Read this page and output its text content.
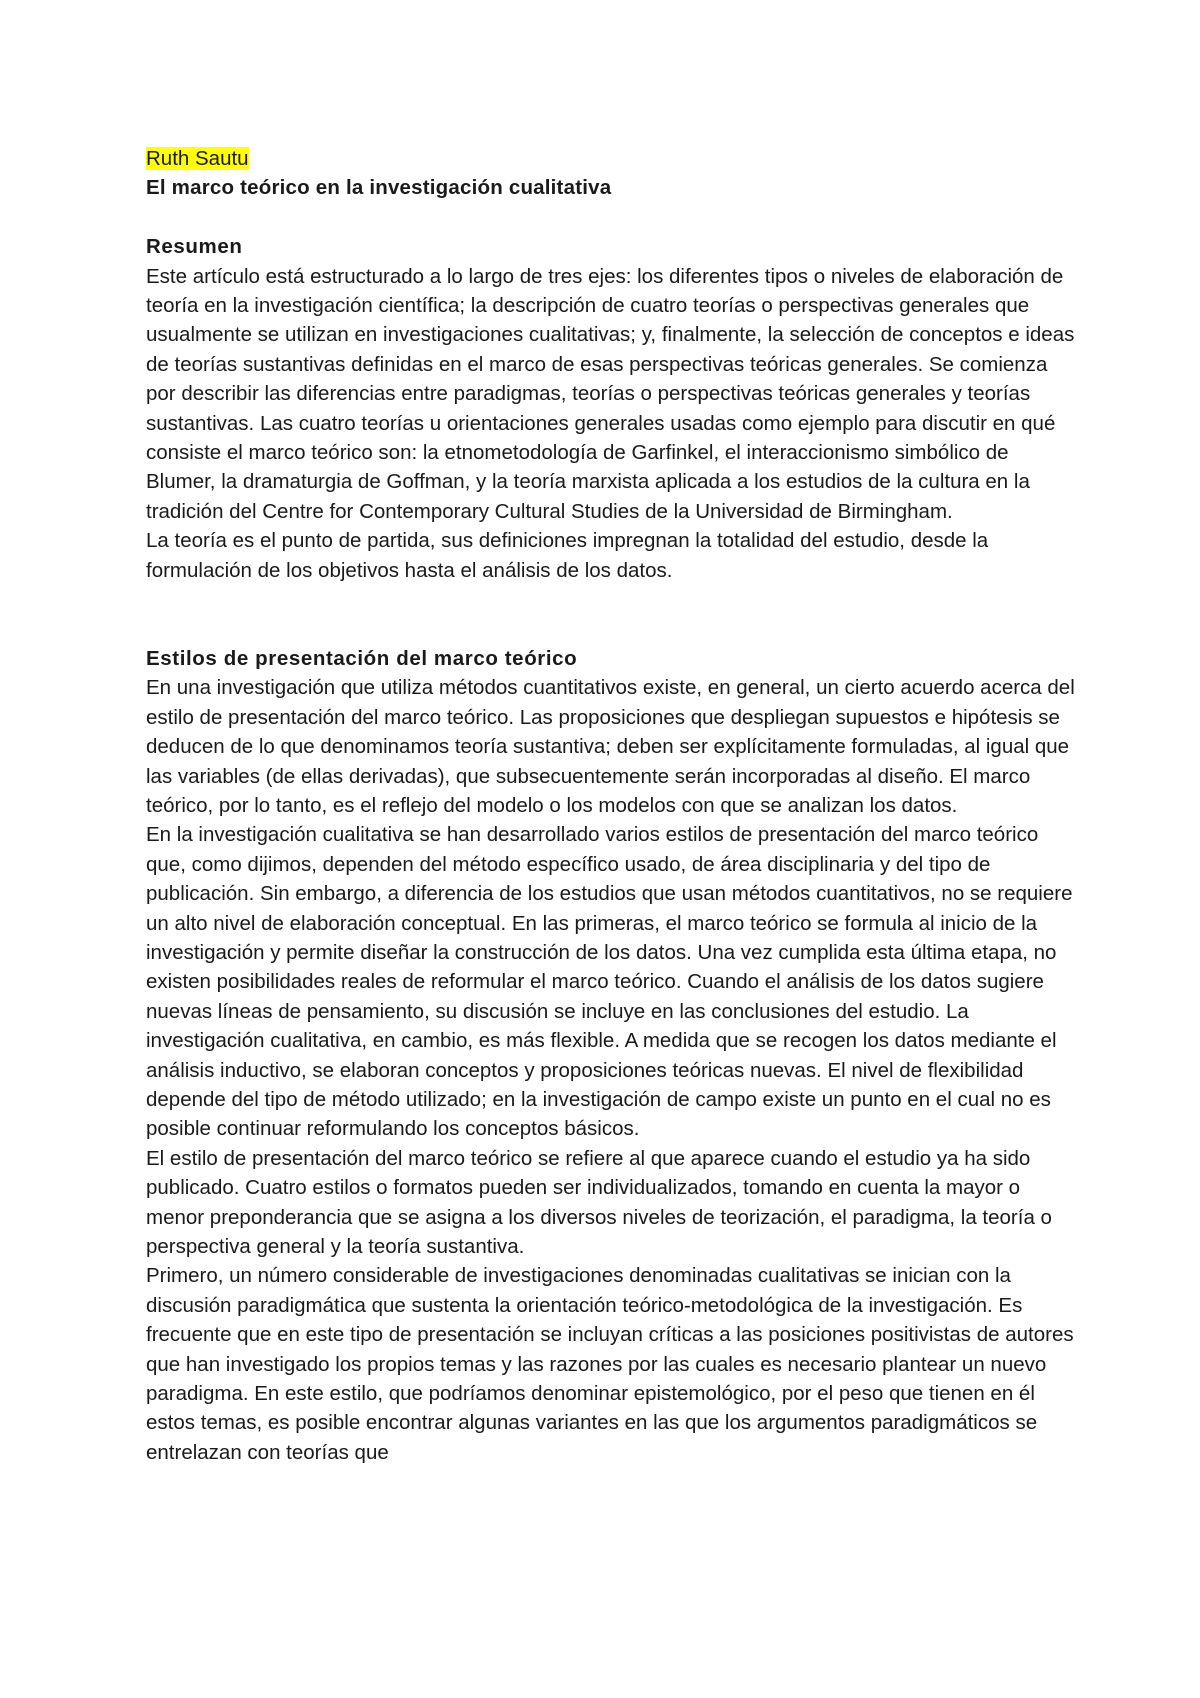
Ruth Sautu

El marco teórico en la investigación cualitativa

Resumen

Este artículo está estructurado a lo largo de tres ejes: los diferentes tipos o niveles de elaboración de teoría en la investigación científica; la descripción de cuatro teorías o perspectivas generales que usualmente se utilizan en investigaciones cualitativas; y, finalmente, la selección de conceptos e ideas de teorías sustantivas definidas en el marco de esas perspectivas teóricas generales. Se comienza por describir las diferencias entre paradigmas, teorías o perspectivas teóricas generales y teorías sustantivas. Las cuatro teorías u orientaciones generales usadas como ejemplo para discutir en qué consiste el marco teórico son: la etnometodología de Garfinkel, el interaccionismo simbólico de Blumer, la dramaturgia de Goffman, y la teoría marxista aplicada a los estudios de la cultura en la tradición del Centre for Contemporary Cultural Studies de la Universidad de Birmingham.

La teoría es el punto de partida, sus definiciones impregnan la totalidad del estudio, desde la formulación de los objetivos hasta el análisis de los datos.

Estilos de presentación del marco teórico

En una investigación que utiliza métodos cuantitativos existe, en general, un cierto acuerdo acerca del estilo de presentación del marco teórico. Las proposiciones que despliegan supuestos e hipótesis se deducen de lo que denominamos teoría sustantiva; deben ser explícitamente formuladas, al igual que las variables (de ellas derivadas), que subsecuentemente serán incorporadas al diseño. El marco teórico, por lo tanto, es el reflejo del modelo o los modelos con que se analizan los datos.

En la investigación cualitativa se han desarrollado varios estilos de presentación del marco teórico que, como dijimos, dependen del método específico usado, de área disciplinaria y del tipo de publicación. Sin embargo, a diferencia de los estudios que usan métodos cuantitativos, no se requiere un alto nivel de elaboración conceptual. En las primeras, el marco teórico se formula al inicio de la investigación y permite diseñar la construcción de los datos. Una vez cumplida esta última etapa, no existen posibilidades reales de reformular el marco teórico. Cuando el análisis de los datos sugiere nuevas líneas de pensamiento, su discusión se incluye en las conclusiones del estudio. La investigación cualitativa, en cambio, es más flexible. A medida que se recogen los datos mediante el análisis inductivo, se elaboran conceptos y proposiciones teóricas nuevas. El nivel de flexibilidad depende del tipo de método utilizado; en la investigación de campo existe un punto en el cual no es posible continuar reformulando los conceptos básicos.

El estilo de presentación del marco teórico se refiere al que aparece cuando el estudio ya ha sido publicado. Cuatro estilos o formatos pueden ser individualizados, tomando en cuenta la mayor o menor preponderancia que se asigna a los diversos niveles de teorización, el paradigma, la teoría o perspectiva general y la teoría sustantiva.

Primero, un número considerable de investigaciones denominadas cualitativas se inician con la discusión paradigmática que sustenta la orientación teórico-metodológica de la investigación. Es frecuente que en este tipo de presentación se incluyan críticas a las posiciones positivistas de autores que han investigado los propios temas y las razones por las cuales es necesario plantear un nuevo paradigma. En este estilo, que podríamos denominar epistemológico, por el peso que tienen en él estos temas, es posible encontrar algunas variantes en las que los argumentos paradigmáticos se entrelazan con teorías que
